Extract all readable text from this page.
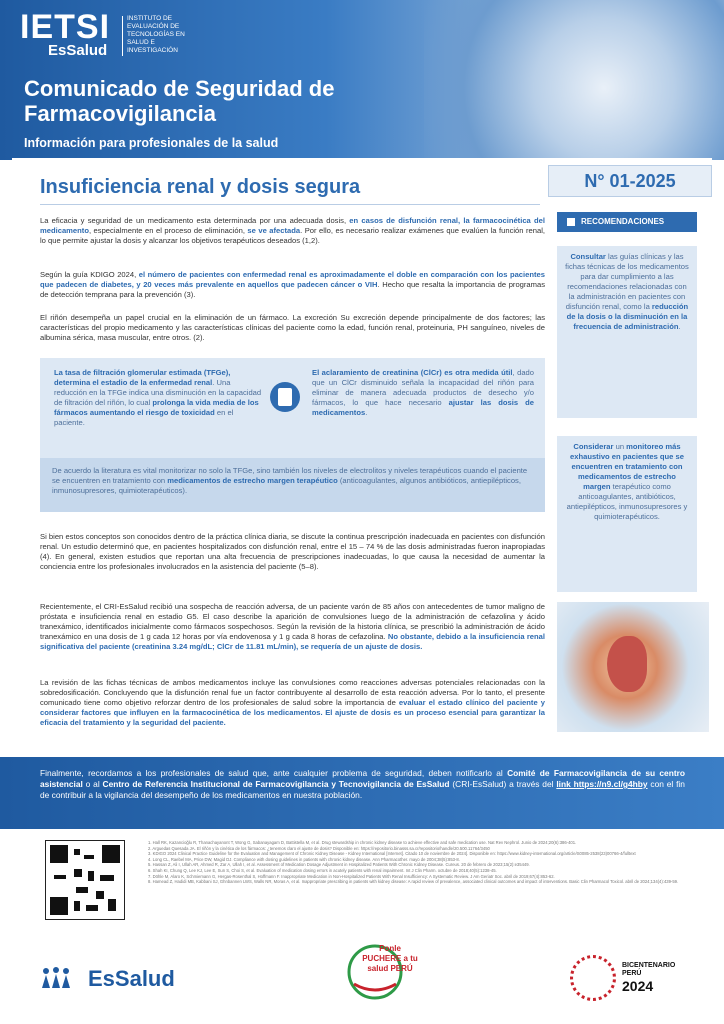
IETSI
EsSalud
INSTITUTO DE EVALUACIÓN DE TECNOLOGÍAS EN SALUD E INVESTIGACIÓN
Comunicado de Seguridad de Farmacovigilancia
Información para profesionales de la salud
Insuficiencia renal y dosis segura	N° 01-2025

La eficacia y seguridad de un medicamento esta determinada por una adecuada dosis, en casos de disfunción renal, la farmacocinética del medicamento, especialmente en el proceso de eliminación, se ve afectada. Por ello, es necesario realizar exámenes que evalúen la función renal, lo que permite ajustar la dosis y alcanzar los objetivos terapéuticos deseados (1,2).

Según la guía KDIGO 2024, el número de pacientes con enfermedad renal es aproximadamente el doble en comparación con los pacientes que padecen de diabetes, y 20 veces más prevalente en aquellos que padecen cáncer o VIH. Hecho que resalta la importancia de programas de detección temprana para la prevención (3).

El riñón desempeña un papel crucial en la eliminación de un fármaco. La excreción Su excreción depende principalmente de dos factores; las características del propio medicamento y las características clínicas del paciente como la edad, función renal, proteinuria, PH sanguíneo, niveles de albumina sérica, masa muscular, entre otros. (2).

La tasa de filtración glomerular estimada (TFGe), determina el estadio de la enfermedad renal. Una reducción en la TFGe indica una disminución en la capacidad de filtración del riñón, lo cual prolonga la vida media de los fármacos aumentando el riesgo de toxicidad en el paciente.
El aclaramiento de creatinina (ClCr) es otra medida útil, dado que un ClCr disminuido señala la incapacidad del riñón para eliminar de manera adecuada productos de desecho y/o fármacos, lo que hace necesario ajustar las dosis de medicamentos.
De acuerdo la literatura es vital monitorizar no solo la TFGe, sino también los niveles de electrolitos y niveles terapéuticos cuando el paciente se encuentren en tratamiento con medicamentos de estrecho margen terapéutico (anticoagulantes, algunos antibióticos, antiepilépticos, inmunosupresores, quimioterapéuticos).

Si bien estos conceptos son conocidos dentro de la práctica clínica diaria, se discute la continua prescripción inadecuada en pacientes con disfunción renal. Un estudio determinó que, en pacientes hospitalizados con disfunción renal, entre el 15 – 74 % de las dosis administradas fueron inapropiadas (4). En general, existen estudios que reportan una alta frecuencia de prescripciones inadecuadas, lo que causa la necesidad de aumentar la conciencia entre los profesionales involucrados en la asistencia del paciente (5–8).

Recientemente, el CRI-EsSalud recibió una sospecha de reacción adversa, de un paciente varón de 85 años con antecedentes de tumor maligno de próstata e insuficiencia renal en estadio G5. El caso describe la aparición de convulsiones luego de la administración de cefazolina y ácido tranexámico, identificados inicialmente como fármacos sospechosos. Según la revisión de la historia clínica, se prescribió la administración de ácido tranexámico en una dosis de 1 g cada 12 horas por vía endovenosa y 1 g cada 8 horas de cefazolina. No obstante, debido a la insuficiencia renal significativa del paciente (creatinina 3.24 mg/dL; ClCr de 11.81 mL/min), se requería de un ajuste de dosis.

La revisión de las fichas técnicas de ambos medicamentos incluye las convulsiones como reacciones adversas potenciales relacionadas con la sobredosificación. Concluyendo que la disfunción renal fue un factor contribuyente al desarrollo de esta reacción adversa. Por lo tanto, el presente comunicado tiene como objetivo reforzar dentro de los profesionales de salud sobre la importancia de evaluar el estado clínico del paciente y considerar factores que influyen en la farmacocinética de los medicamentos. El ajuste de dosis es un proceso esencial para garantizar la eficacia del tratamiento y la seguridad del paciente.

RECOMENDACIONES
Consultar las guías clínicas y las fichas técnicas de los medicamentos para dar cumplimiento a las recomendaciones relacionadas con la administración en pacientes con disfunción renal, como la reducción de la dosis o la disminución en la frecuencia de administración.
Considerar un monitoreo más exhaustivo en pacientes que se encuentren en tratamiento con medicamentos de estrecho margen terapéutico como anticoagulantes, antibióticos, antiepilépticos, inmunosupresores y quimioterapéuticos.
Finalmente, recordamos a los profesionales de salud que, ante cualquier problema de seguridad, deben notificarlo al Comité de Farmacovigilancia de su centro asistencial o al Centro de Referencia Institucional de Farmacovigilancia y Tecnovigilancia de EsSalud (CRI-EsSalud) a través del link https://n9.cl/g4hby con el fin de contribuir a la vigilancia del desempeño de los medicamentos en nuestra población.

1. Hall RK, Kazancioğlu R, Thanachayanont T, Wong G, Sabanayagam D, Battistella M, et al. Drug stewardship in chronic kidney disease to achieve effective and safe medication use. Nat Rev Nephrol. Junio de 2024;20(6):386-401.

2. Arguedas Quesada JA. El riñón y la cinética de los fármacos: ¿tenemos claro el ajuste de dosis? Disponible en: https://repositorio.binasss.sa.cr/repositorio/handle/20.500.11764/3450

3. KDIGO 2024 Clinical Practice Guideline for the Evaluation and Management of Chronic Kidney Disease - Kidney International [Internet]. Citado 10 de noviembre de 2024]. Disponible en: https://www.kidney-international.org/article/S0085-2538(23)00766-4/fulltext

4. Long CL, Raebel MA, Price DW, Magid DJ. Compliance with dosing guidelines in patients with chronic kidney disease. Ann Pharmacother. mayo de 2004;38(5):853-8.

5. Hassan Z, Ali I, Ullah AR, Ahmed R, Zar A, Ullah I, et al. Assessment of Medication Dosage Adjustment in Hospitalized Patients With Chronic Kidney Disease. Cureus. 20 de febrero de 2023;15(2):e35449.

6. Shah KI, Chung Q, Lee KJ, Lee E, Sun S, Choi S, et al. Evaluation of medication dosing errors in acutely patients with renal impairment. Int J Clin Pharm. octubre de 2018;40(5):1238-45.

7. Döhle M, Alaro K, Schmiemann G, Hergas-Rosenthal S, Hoffmann F. Inappropriate Medication in Non-Hospitalized Patients With Renal Insufficiency: A Systematic Review. J Am Geriatr Soc. abril de 2019;67(4):853-62.

8. Hamead Z, Hadidi MB, Kabbani SJ, Ghnbannen LWS, Walls NR, Moras A, et al. Inappropriate prescribing in patients with kidney disease: A rapid review of prevalence, associated clinical outcomes and impact of interventions. Basic Clin Pharmacol Toxicol. abril de 2024;134(4):439-59.

EsSalud
Ponle PUCHERE a tu salud PERÚ	BICENTENARIO
PERÚ
2024
